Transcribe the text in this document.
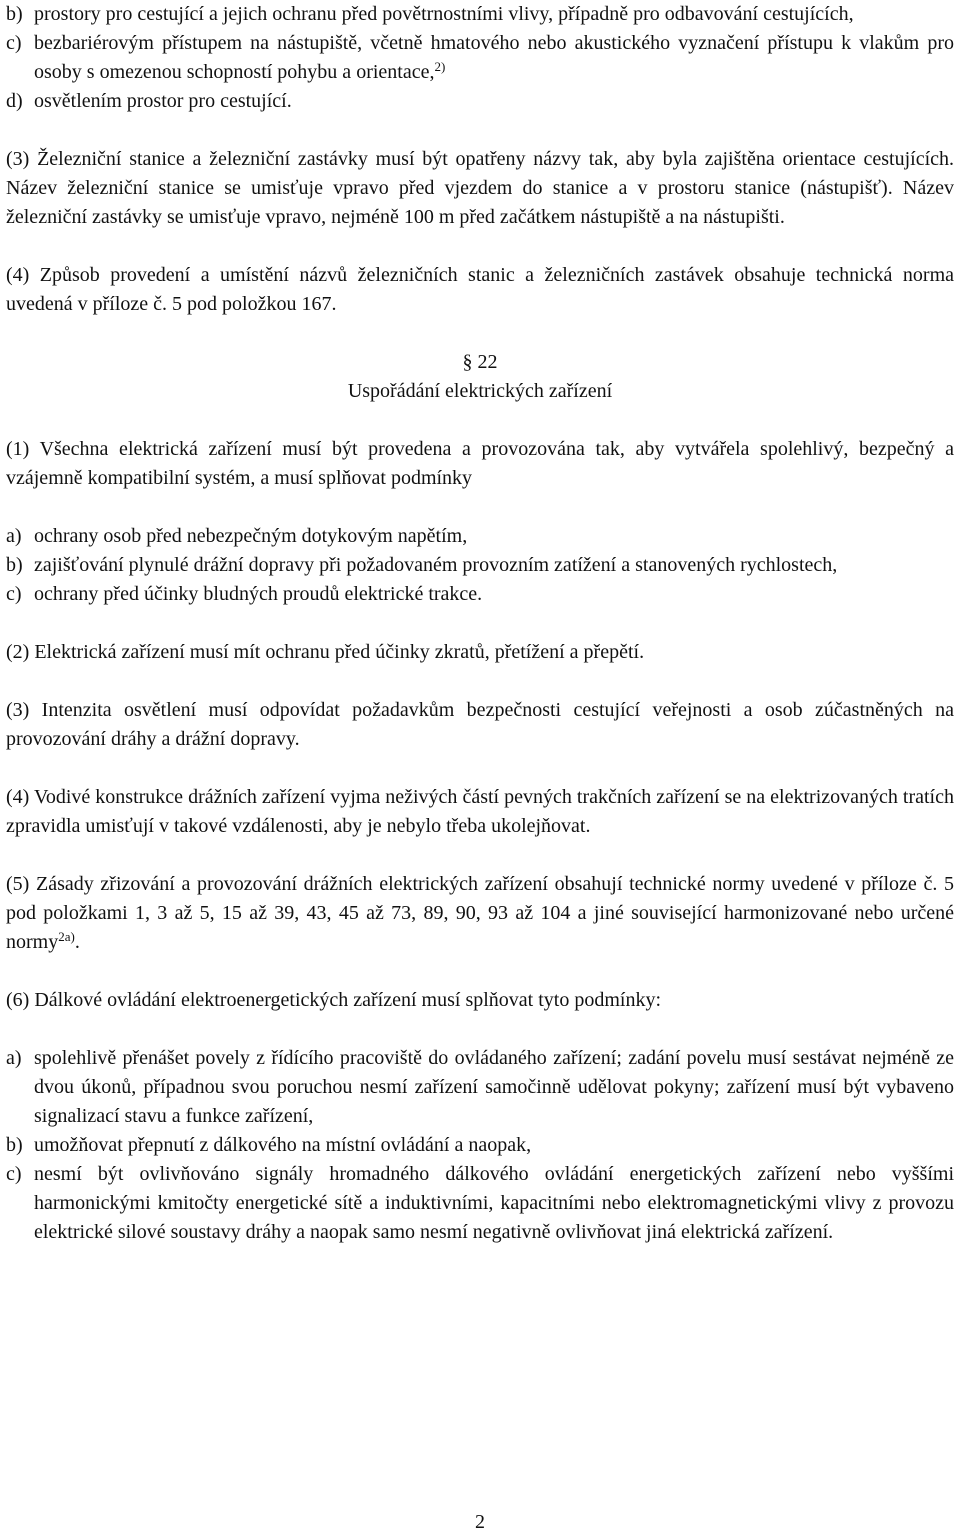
b) prostory pro cestující a jejich ochranu před povětrnostními vlivy, případně pro odbavování cestujících,
c) bezbariérovým přístupem na nástupiště, včetně hmatového nebo akustického vyznačení přístupu k vlakům pro osoby s omezenou schopností pohybu a orientace,$^{2)}$
d) osvětlením prostor pro cestující.

(3) Železniční stanice a železniční zastávky musí být opatřeny názvy tak, aby byla zajištěna orientace cestujících. Název železniční stanice se umisťuje vpravo před vjezdem do stanice a v prostoru stanice (nástupišť). Název železniční zastávky se umisťuje vpravo, nejméně 100 m před začátkem nástupiště a na nástupišti.

(4) Způsob provedení a umístění názvů železničních stanic a železničních zastávek obsahuje technická norma uvedená v příloze č. 5 pod položkou 167.

§ 22
Uspořádání elektrických zařízení

(1) Všechna elektrická zařízení musí být provedena a provozována tak, aby vytvářela spolehlivý, bezpečný a vzájemně kompatibilní systém, a musí splňovat podmínky

a) ochrany osob před nebezpečným dotykovým napětím,
b) zajišťování plynulé drážní dopravy při požadovaném provozním zatížení a stanovených rychlostech,
c) ochrany před účinky bludných proudů elektrické trakce.

(2) Elektrická zařízení musí mít ochranu před účinky zkratů, přetížení a přepětí.

(3) Intenzita osvětlení musí odpovídat požadavkům bezpečnosti cestující veřejnosti a osob zúčastněných na provozování dráhy a drážní dopravy.

(4) Vodivé konstrukce drážních zařízení vyjma neživých částí pevných trakčních zařízení se na elektrizovaných tratích zpravidla umisťují v takové vzdálenosti, aby je nebylo třeba ukolejňovat.

(5) Zásady zřizování a provozování drážních elektrických zařízení obsahují technické normy uvedené v příloze č. 5 pod položkami 1, 3 až 5, 15 až 39, 43, 45 až 73, 89, 90, 93 až 104 a jiné související harmonizované nebo určené normy$^{2a)}$.

(6) Dálkové ovládání elektroenergetických zařízení musí splňovat tyto podmínky:

a) spolehlivě přenášet povely z řídícího pracoviště do ovládaného zařízení; zadání povelu musí sestávat nejméně ze dvou úkonů, případnou svou poruchou nesmí zařízení samočinně udělovat pokyny; zařízení musí být vybaveno signalizací stavu a funkce zařízení,
b) umožňovat přepnutí z dálkového na místní ovládání a naopak,
c) nesmí být ovlivňováno signály hromadného dálkového ovládání energetických zařízení nebo vyššími harmonickými kmitočty energetické sítě a induktivními, kapacitními nebo elektromagnetickými vlivy z provozu elektrické silové soustavy dráhy a naopak samo nesmí negativně ovlivňovat jiná elektrická zařízení.
2
